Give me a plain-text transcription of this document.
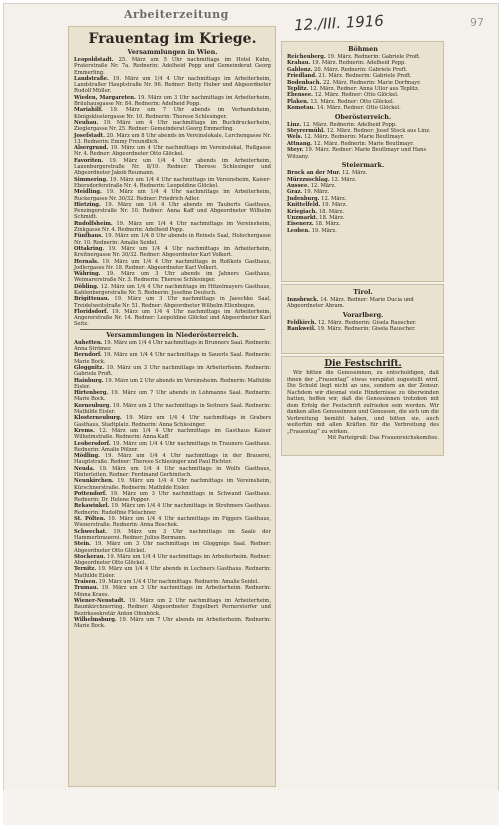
Arbeiterzeitung	12./III. 1916	97
Frauentag im Kriege.
Versammlungen in Wien.

Leopoldstadt. 25. März um 5 Uhr nachmittags im Hotel Kuhn, Praterstraße Nr. 7a. Rednerin: Adelheid Popp und Gemeinderat Georg Emmerling.

Landstraße. 19. März um 1/4 4 Uhr nachmittags im Arbeiterheim, Landstraßer Hauptstraße Nr. 96. Redner: Betty Huber und Abgeordneter Rudolf Müller.

Wieden, Margareten. 19. März um 3 Uhr nachmittags im Arbeiterheim, Bräuhausgasse Nr. 84. Rednerin: Adelheid Popp.

Mariahilf. 19. März um 7 Uhr abends im Verbandsheim, Königsklostergasse Nr. 10. Rednerin: Therese Schlesinger.

Neubau. 19. März um 4 Uhr nachmittags im Buchdruckerheim, Zieglergasse Nr. 25. Redner: Gemeinderat Georg Emmerling.

Josefstadt. 20. März um 8 Uhr abends im Vereinslokale, Lerchengasse Nr. 13. Rednerin: Emmy Freundlich.

Alsergrund. 19. März um 4 Uhr nachmittags im Vereinslokal, Rußgasse Nr. 4. Redner: Abgeordneter Otto Glöckel.

Favoriten. 19. März um 1/4 4 Uhr abends im Arbeiterheim, Laxenburgerstraße Nr. 8/10. Redner: Therese Schlesinger und Abgeordneter Jakob Reumann.

Simmering. 19. März um 1/4 4 Uhr nachmittags im Vereinsheim, Kaiser-Ebersdorferstraße Nr. 4. Rednerin: Leopoldine Glöckel.

Meidling. 19. März um 1/4 4 Uhr nachmittags im Arbeiterheim, Ruckergasse Nr. 30/32. Redner: Friedrich Adler.

Hietzing. 19. März um 1/4 4 Uhr abends im Tauberts Gasthaus, Penzingerstraße Nr. 10. Redner: Anna Kaff und Abgeordneter Wilhelm Schmidt.

Rudolfsheim. 19. März um 1/4 4 Uhr nachmittags im Vereinsheim, Zinkgasse Nr. 4. Rednerin: Adelheid Popp.

Fünfhaus. 19. März um 1/4 8 Uhr abends in Reinels Saal, Holochergasse Nr. 10. Rednerin: Amalie Seidel.

Ottakring. 19. März um 1/4 4 Uhr nachmittags im Arbeiterheim, Kreitnergasse Nr. 30/32. Redner: Abgeordneter Karl Volkert.

Hernals. 19. März um 1/4 4 Uhr nachmittags in Roßkots Gasthaus, Jodlergasse Nr. 18. Redner: Abgeordneter Karl Volkert.

Währing. 19. März um 3 Uhr abends im Jahners Gasthaus, Weimarerstraße Nr. 3. Rednerin: Therese Schlesinger.

Döbling. 12. März um 1/4 4 Uhr nachmittags im Hitzelmayers Gasthaus, Kahlenbergerstraße Nr. 5. Rednerin: Josefine Deutsch.

Brigittenau. 19. März um 3 Uhr nachmittags in Jaeschke Saal, Treidelweitstraße Nr. 51. Redner: Abgeordneter Wilhelm Ellenbogen.

Floridsdorf. 19. März um 1/4 4 Uhr nachmittags im Arbeiterheim, Angererstraße Nr. 14. Redner: Leopoldine Glöckel und Abgeordneter Karl Seitz.

Versammlungen in Niederösterreich.

Auhetten. 19. März um 1/4 4 Uhr nachmittags in Brunners Saal. Rednerin: Anna Strömer.

Berndorf. 19. März um 1/4 4 Uhr nachmittags in Sauerls Saal. Rednerin: Marie Bock.

Gloggnitz. 19. März um 3 Uhr nachmittags im Arbeiterheim. Rednerin: Gabriele Proft.

Hainburg. 19. März um 2 Uhr abends im Vereinsheim. Rednerin: Mathilde Eisler.

Hirtenberg. 19. März um 7 Uhr abends in Lohmanns Saal. Rednerin: Marie Bock.

Korneuburg. 19. März um 2 Uhr nachmittags in Seitners Saal. Rednerin: Mathilde Eisler.

Klosterneuburg. 19. März um 1/4 4 Uhr nachmittags in Grabers Gasthaus, Stadtplatz. Rednerin: Anna Schlesinger.

Krems. 12. März um 1/4 4 Uhr nachmittags im Gasthaus Kaiser Wilhelmstraße. Rednerin: Anna Kaff.

Leobersdorf. 19. März um 1/4 4 Uhr nachmittags in Trauners Gasthaus. Rednerin: Amalie Pölzer.

Mödling. 19. März um 1/4 4 Uhr nachmittags in der Brauerei, Hauptstraße. Redner: Therese Schlesinger und Paul Richter.

Neuda. 19. März um 1/4 4 Uhr nachmittags in Wolfs Gasthaus, Hinterleiten. Redner: Ferdinand Gerhinitsch.

Neunkirchen. 19. März um 1/4 4 Uhr nachmittags im Vereinsheim, Kürschnerstraße. Rednerin: Mathilde Eisler.

Pottendorf. 19. März um 3 Uhr nachmittags in Schwand Gasthaus. Rednerin: Dr. Helene Popper.

Rekawinkel. 19. März um 1/4 4 Uhr nachmittags in Strohmers Gasthaus. Rednerin: Rudolfine Fleischner.

St. Pölten. 19. März um 1/4 4 Uhr nachmittags im Figgers Gasthaus, Wienerstraße. Rednerin: Anna Boschek.

Schwechat. 19. März um 3 Uhr nachmittags im Saale der Hammerbrauerei. Redner: Julius Bermann.

Stein. 19. März um 3 Uhr nachmittags im Gloggnigs Saal. Redner: Abgeordneter Otto Glöckel.

Stockerau. 19. März um 1/4 4 Uhr nachmittags im Arbeiterheim. Redner: Abgeordneter Otto Glöckel.

Ternitz. 19. März um 1/4 4 Uhr abends in Lechners Gasthaus. Rednerin: Mathilde Eisler.

Traisen. 19. März um 1/4 4 Uhr nachmittags. Rednerin: Amalie Seidel.

Trumau. 19. März um 3 Uhr nachmittags im Arbeiterheim. Rednerin: Minna Kraus.

Wiener-Neustadt. 19. März um 2 Uhr nachmittags im Arbeiterheim, Baumkirchnerring. Redner: Abgeordneter Engelbert Pernerstorfer und Bezirkssekretär Anton Ofenböck.

Wilhelmsburg. 19. März um 7 Uhr abends im Arbeiterheim. Rednerin: Marie Bock.

Böhmen

Reichenberg. 19. März. Rednerin: Gabriele Proft.

Krahau. 19. März. Rednerin: Adelheid Popp.

Gablonz. 20. März. Rednerin: Gabriele Proft.

Friedland. 21. März. Rednerin: Gabriele Proft.

Bodenbach. 22. März. Rednerin: Marie Dorfmayr.

Teplitz. 12. März. Redner: Anna Ullor aus Teplitz.

Ebensee. 12. März. Redner: Otto Glöckel.

Plaken. 13. März. Redner: Otto Glöckel.

Komotau. 14. März. Redner: Otto Glöckel.

Oberösterreich.

Linz. 12. März. Rednerin: Adelheid Popp.

Steyrermühl. 12. März. Redner: Josef Stock aus Linz.

Wels. 12. März. Rednerin: Marie Beutlmayr.

Attnang. 12. März. Rednerin: Marie Beutlmayr.

Steyr. 19. März. Redner: Marie Beutlmayr und Hans Witzany.

Steiermark.

Bruck an der Mur. 12. März.

Mürzzuschlag. 12. März.

Aussee. 12. März.

Graz. 19. März.

Judenburg. 12. März.

Knittelfeld. 19. März.

Kriegiach. 18. März.

Unzmarkt. 18. März.

Eisenerz. 18. März.

Leoben. 19. März.

Tirol.

Innsbruck. 14. März. Redner: Marie Ducia und Abgeordneter Abram.

Vorarlberg.

Feldkirch. 12. März. Rednerin: Gisela Rauscher.

Rankweil. 19. März. Rednerin: Gisela Rauscher.

Die Festschrift.

Wir bitten die Genossinnen, zu entschuldigen, daß ihnen der „Frauentag“ etwas verspätet zugestellt wird. Die Schuld liegt nicht an uns, sondern an der Zensur. Nachdem wir diesmal viele Hindernisse zu überwinden hatten, hoffen wir, daß die Genossinnen trotzdem mit dem Erfolg der Festschrift zufrieden sein werden. Wir danken allen Genossinnen und Genossen, die sich um die Verbreitung bemüht haben, und bitten sie, auch weiterhin mit allen Kräften für die Verbreitung des „Frauentag“ zu wirken.

Mit Parteigruß: Das Frauenreichskomitee.
